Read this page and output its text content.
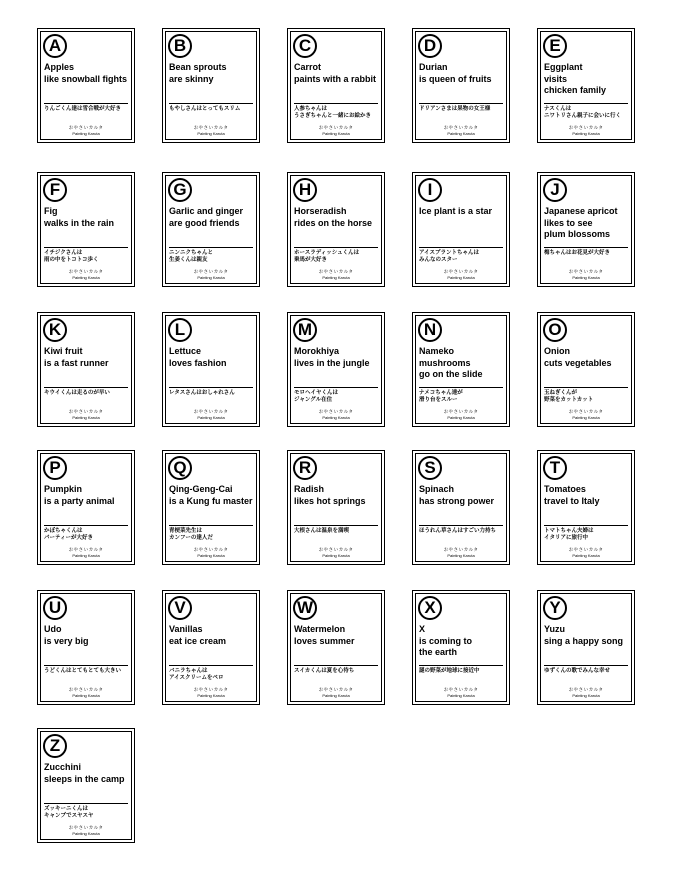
A
Apples
like snowball fights
りんごくん達は雪合戦が大好き
おやさいカルタ
Painting Karuta
B
Bean sprouts
are skinny
もやしさんはとってもスリム
おやさいカルタ
Painting Karuta
C
Carrot
paints with a rabbit
人参ちゃんは
うさぎちゃんと一緒にお絵かき
おやさいカルタ
Painting Karuta
D
Durian
is queen of fruits
ドリアンさまは果物の女王様
おやさいカルタ
Painting Karuta
E
Eggplant
visits
chicken family
ナスくんは
ニワトリさん親子に会いに行く
おやさいカルタ
Painting Karuta
F
Fig
walks in the rain
イチジクさんは
雨の中をトコトコ歩く
おやさいカルタ
Painting Karuta
G
Garlic and ginger
are good friends
ニンニクちゃんと
生姜くんは親友
おやさいカルタ
Painting Karuta
H
Horseradish
rides on the horse
ホースラディッシュくんは
乗馬が大好き
おやさいカルタ
Painting Karuta
I
Ice plant is a star
アイスプラントちゃんは
みんなのスター
おやさいカルタ
Painting Karuta
J
Japanese apricot
likes to see
plum blossoms
梅ちゃんはお花見が大好き
おやさいカルタ
Painting Karuta
K
Kiwi fruit
is a fast runner
キウイくんは走るのが早い
おやさいカルタ
Painting Karuta
L
Lettuce
loves fashion
レタスさんはおしゃれさん
おやさいカルタ
Painting Karuta
M
Morokhiya
lives in the jungle
モロヘイヤくんは
ジャングル在住
おやさいカルタ
Painting Karuta
N
Nameko
mushrooms
go on the slide
ナメコちゃん達が
滑り台をスルー
おやさいカルタ
Painting Karuta
O
Onion
cuts vegetables
玉ねぎくんが
野菜をカットカット
おやさいカルタ
Painting Karuta
P
Pumpkin
is a party animal
かぼちゃくんは
パーティーが大好き
おやさいカルタ
Painting Karuta
Q
Qing-Geng-Cai
is a Kung fu master
青梗菜先生は
カンフーの達人だ
おやさいカルタ
Painting Karuta
R
Radish
likes hot springs
大根さんは温泉を満喫
おやさいカルタ
Painting Karuta
S
Spinach
has strong power
ほうれん草さんはすごい力持ち
おやさいカルタ
Painting Karuta
T
Tomatoes
travel to Italy
トマトちゃん夫婦は
イタリアに旅行中
おやさいカルタ
Painting Karuta
U
Udo
is very big
うどくんはとてもとても大きい
おやさいカルタ
Painting Karuta
V
Vanillas
eat ice cream
バニラちゃんは
アイスクリームをペロ
おやさいカルタ
Painting Karuta
W
Watermelon
loves summer
スイカくんは夏を心待ち
おやさいカルタ
Painting Karuta
X
X
is coming to
the earth
謎の野菜が地球に接近中
おやさいカルタ
Painting Karuta
Y
Yuzu
sing a happy song
ゆずくんの歌でみんな幸せ
おやさいカルタ
Painting Karuta
Z
Zucchini
sleeps in the camp
ズッキーニくんは
キャンプでスヤスヤ
おやさいカルタ
Painting Karuta
